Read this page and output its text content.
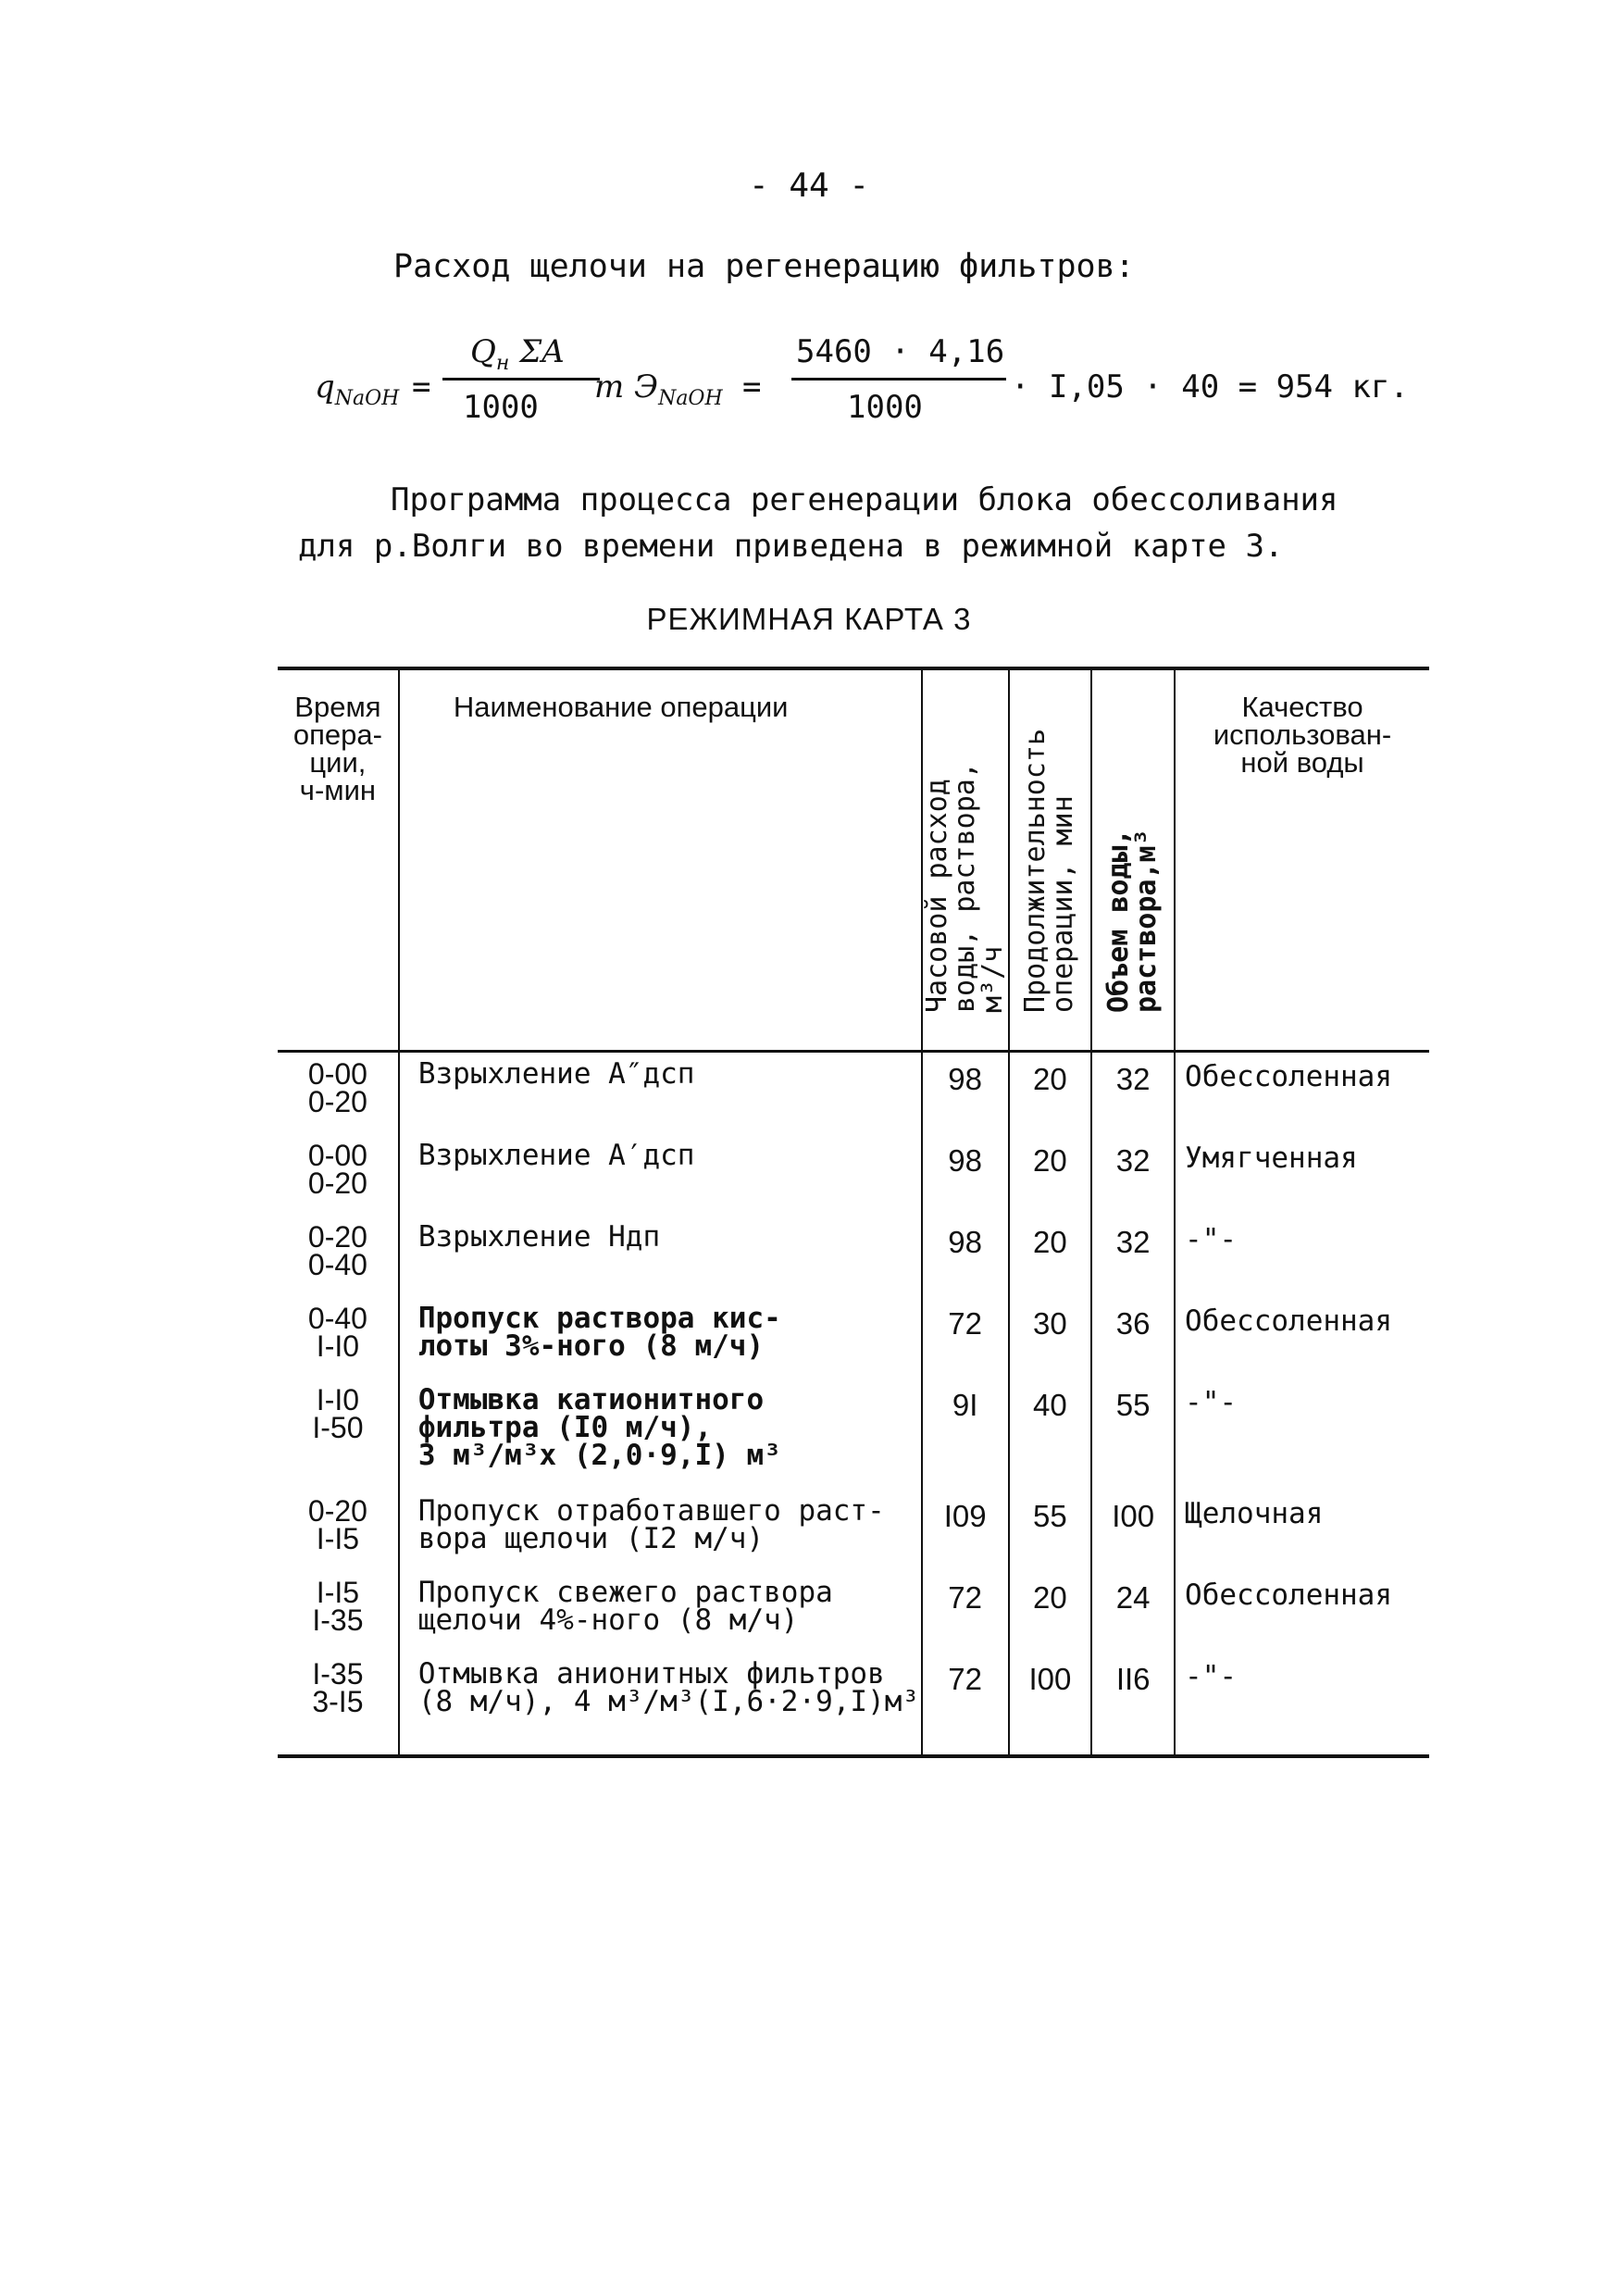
- 44 -
Расход щелочи на регенерацию фильтров:
$q_{NaOH}$ =
$Q_н$ ΣA
1000
m $Э_{NaOH}$ =
5460 · 4,16
1000
· I,05 · 40 = 954 кг.
Программа процесса регенерации блока обессоливания для р.Волги во времени приведена в режимной карте 3.
РЕЖИМНАЯ КАРТА 3
Время
опера-
ции,
ч-мин	Наименование операции	Часовой расход
воды, раствора,
м³/ч	Продолжительность
операции, мин	Объем воды,
раствора,м³	Качество
использован-
ной воды
0-00
0-20	Взрыхление A″дсп	98	20	32	Обессоленная
0-00
0-20	Взрыхление A′дсп	98	20	32	Умягченная
0-20
0-40	Взрыхление Hдп	98	20	32	-"-
0-40
I-I0	Пропуск раствора кис-
лоты 3%-ного (8 м/ч)	72	30	36	Обессоленная
I-I0
I-50	Отмывка катионитного
фильтра (I0 м/ч),
3 м³/м³х (2,0·9,I) м³	9I	40	55	-"-
0-20
I-I5	Пропуск отработавшего раст-
вора щелочи (I2 м/ч)	I09	55	I00	Щелочная
I-I5
I-35	Пропуск свежего раствора
щелочи 4%-ного (8 м/ч)	72	20	24	Обессоленная
I-35
3-I5	Отмывка анионитных фильтров
(8 м/ч), 4 м³/м³(I,6·2·9,I)м³	72	I00	II6	-"-
